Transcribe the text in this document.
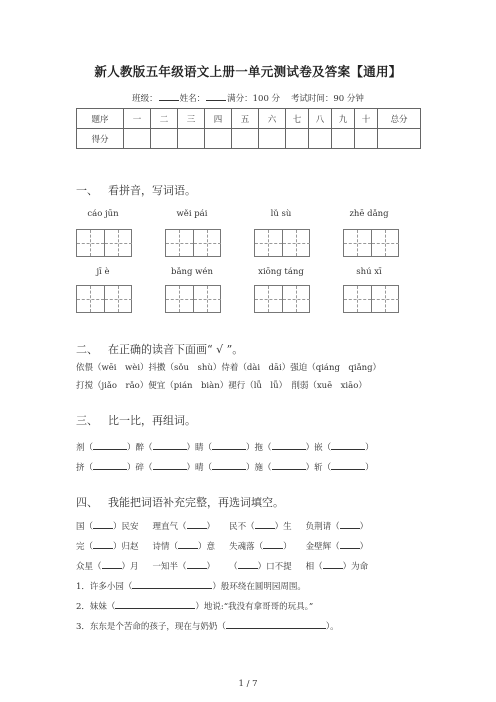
新人教版五年级语文上册一单元测试卷及答案【通用】
班级：	姓名：	满分：100 分 考试时间：90 分钟
题序	一	二	三	四	五	六	七	八	九	十	总分
得分											
一、 看拼音，写词语。
cáo jūn	wěi pái	lǔ sù	zhē dǎng
jī è	bǎng wén	xiōng táng	shú xī
二、 在正确的读音下面画“ √ ”。
依偎（wēi　wèi）抖擞（sǒu　shù）侍着（dài　dāi）强迫（qiáng　qiǎng）
打搅（jiǎo　rǎo）便宜（pián　biàn）褪行（lǚ　lǚ）　削弱（xuē　xiāo）
三、 比一比，再组词。
剂（	）醉（	）睛（	）拖（	）嵌（	）
挤（	）碎（	）晴（	）施（	）斩（	）
四、 我能把词语补充完整，再选词填空。
国（ ）民安 理直气（ ） 民不（ ）生 负荆请（ ）
完（ ）归赵 诗情（ ）意 失魂落（ ） 金壁辉（ ）
众星（ ）月 一知半（ ） （ ）口不提 相（ ）为命
1．许多小园（	）般环绕在圆明园周围。
2．妹妹（	）地说:“我没有拿哥哥的玩具。”
3．东东是个苦命的孩子，现在与奶奶（	）。
1 / 7
